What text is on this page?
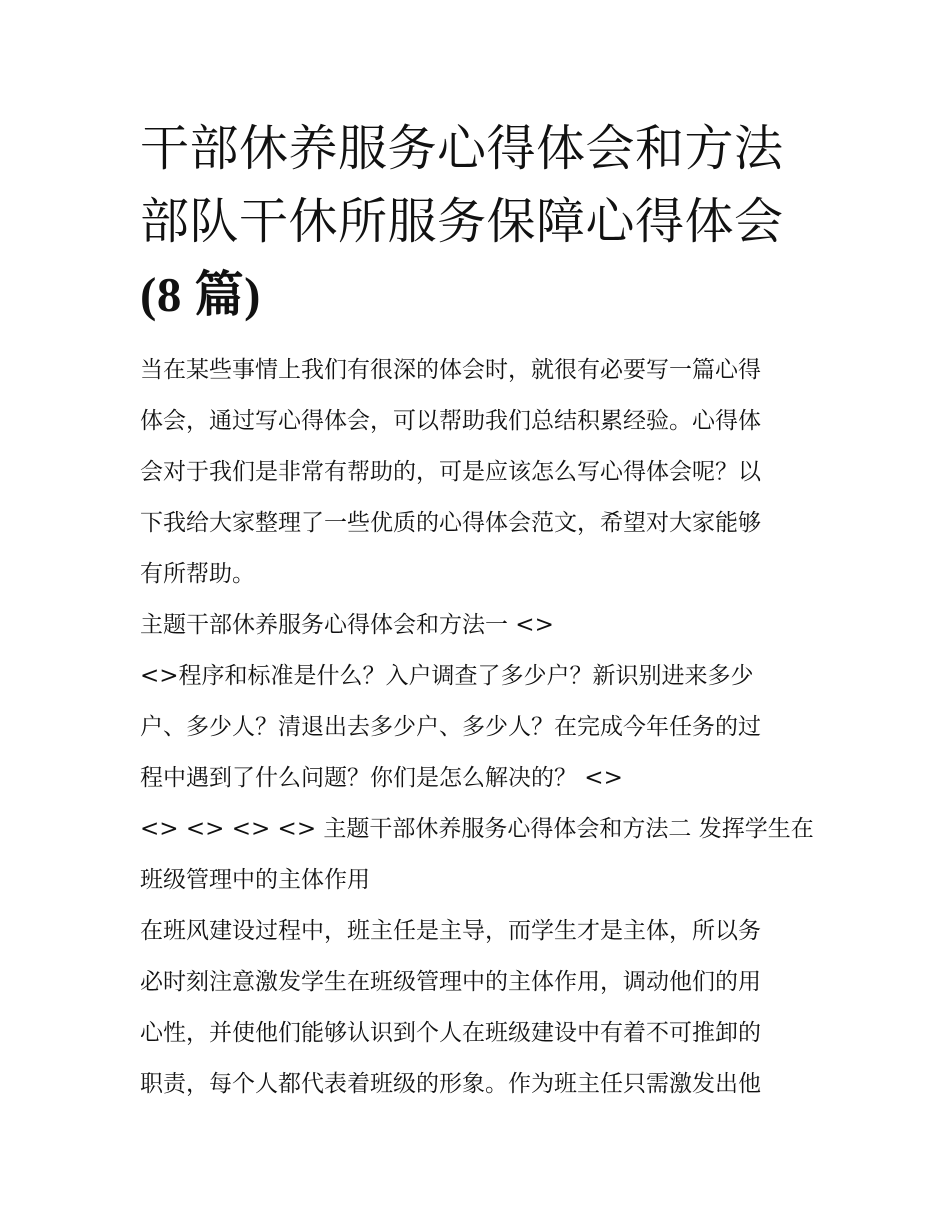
干部休养服务心得体会和方法
部队干休所服务保障心得体会
(8 篇)
当在某些事情上我们有很深的体会时，就很有必要写一篇心得
体会，通过写心得体会，可以帮助我们总结积累经验。心得体
会对于我们是非常有帮助的，可是应该怎么写心得体会呢？以
下我给大家整理了一些优质的心得体会范文，希望对大家能够
有所帮助。
主题干部休养服务心得体会和方法一 <>
<>程序和标准是什么？入户调查了多少户？新识别进来多少
户、多少人？清退出去多少户、多少人？在完成今年任务的过
程中遇到了什么问题？你们是怎么解决的？ <>
<> <> <> <> 主题干部休养服务心得体会和方法二 发挥学生在
班级管理中的主体作用
在班风建设过程中，班主任是主导，而学生才是主体，所以务
必时刻注意激发学生在班级管理中的主体作用，调动他们的用
心性，并使他们能够认识到个人在班级建设中有着不可推卸的
职责，每个人都代表着班级的形象。作为班主任只需激发出他
